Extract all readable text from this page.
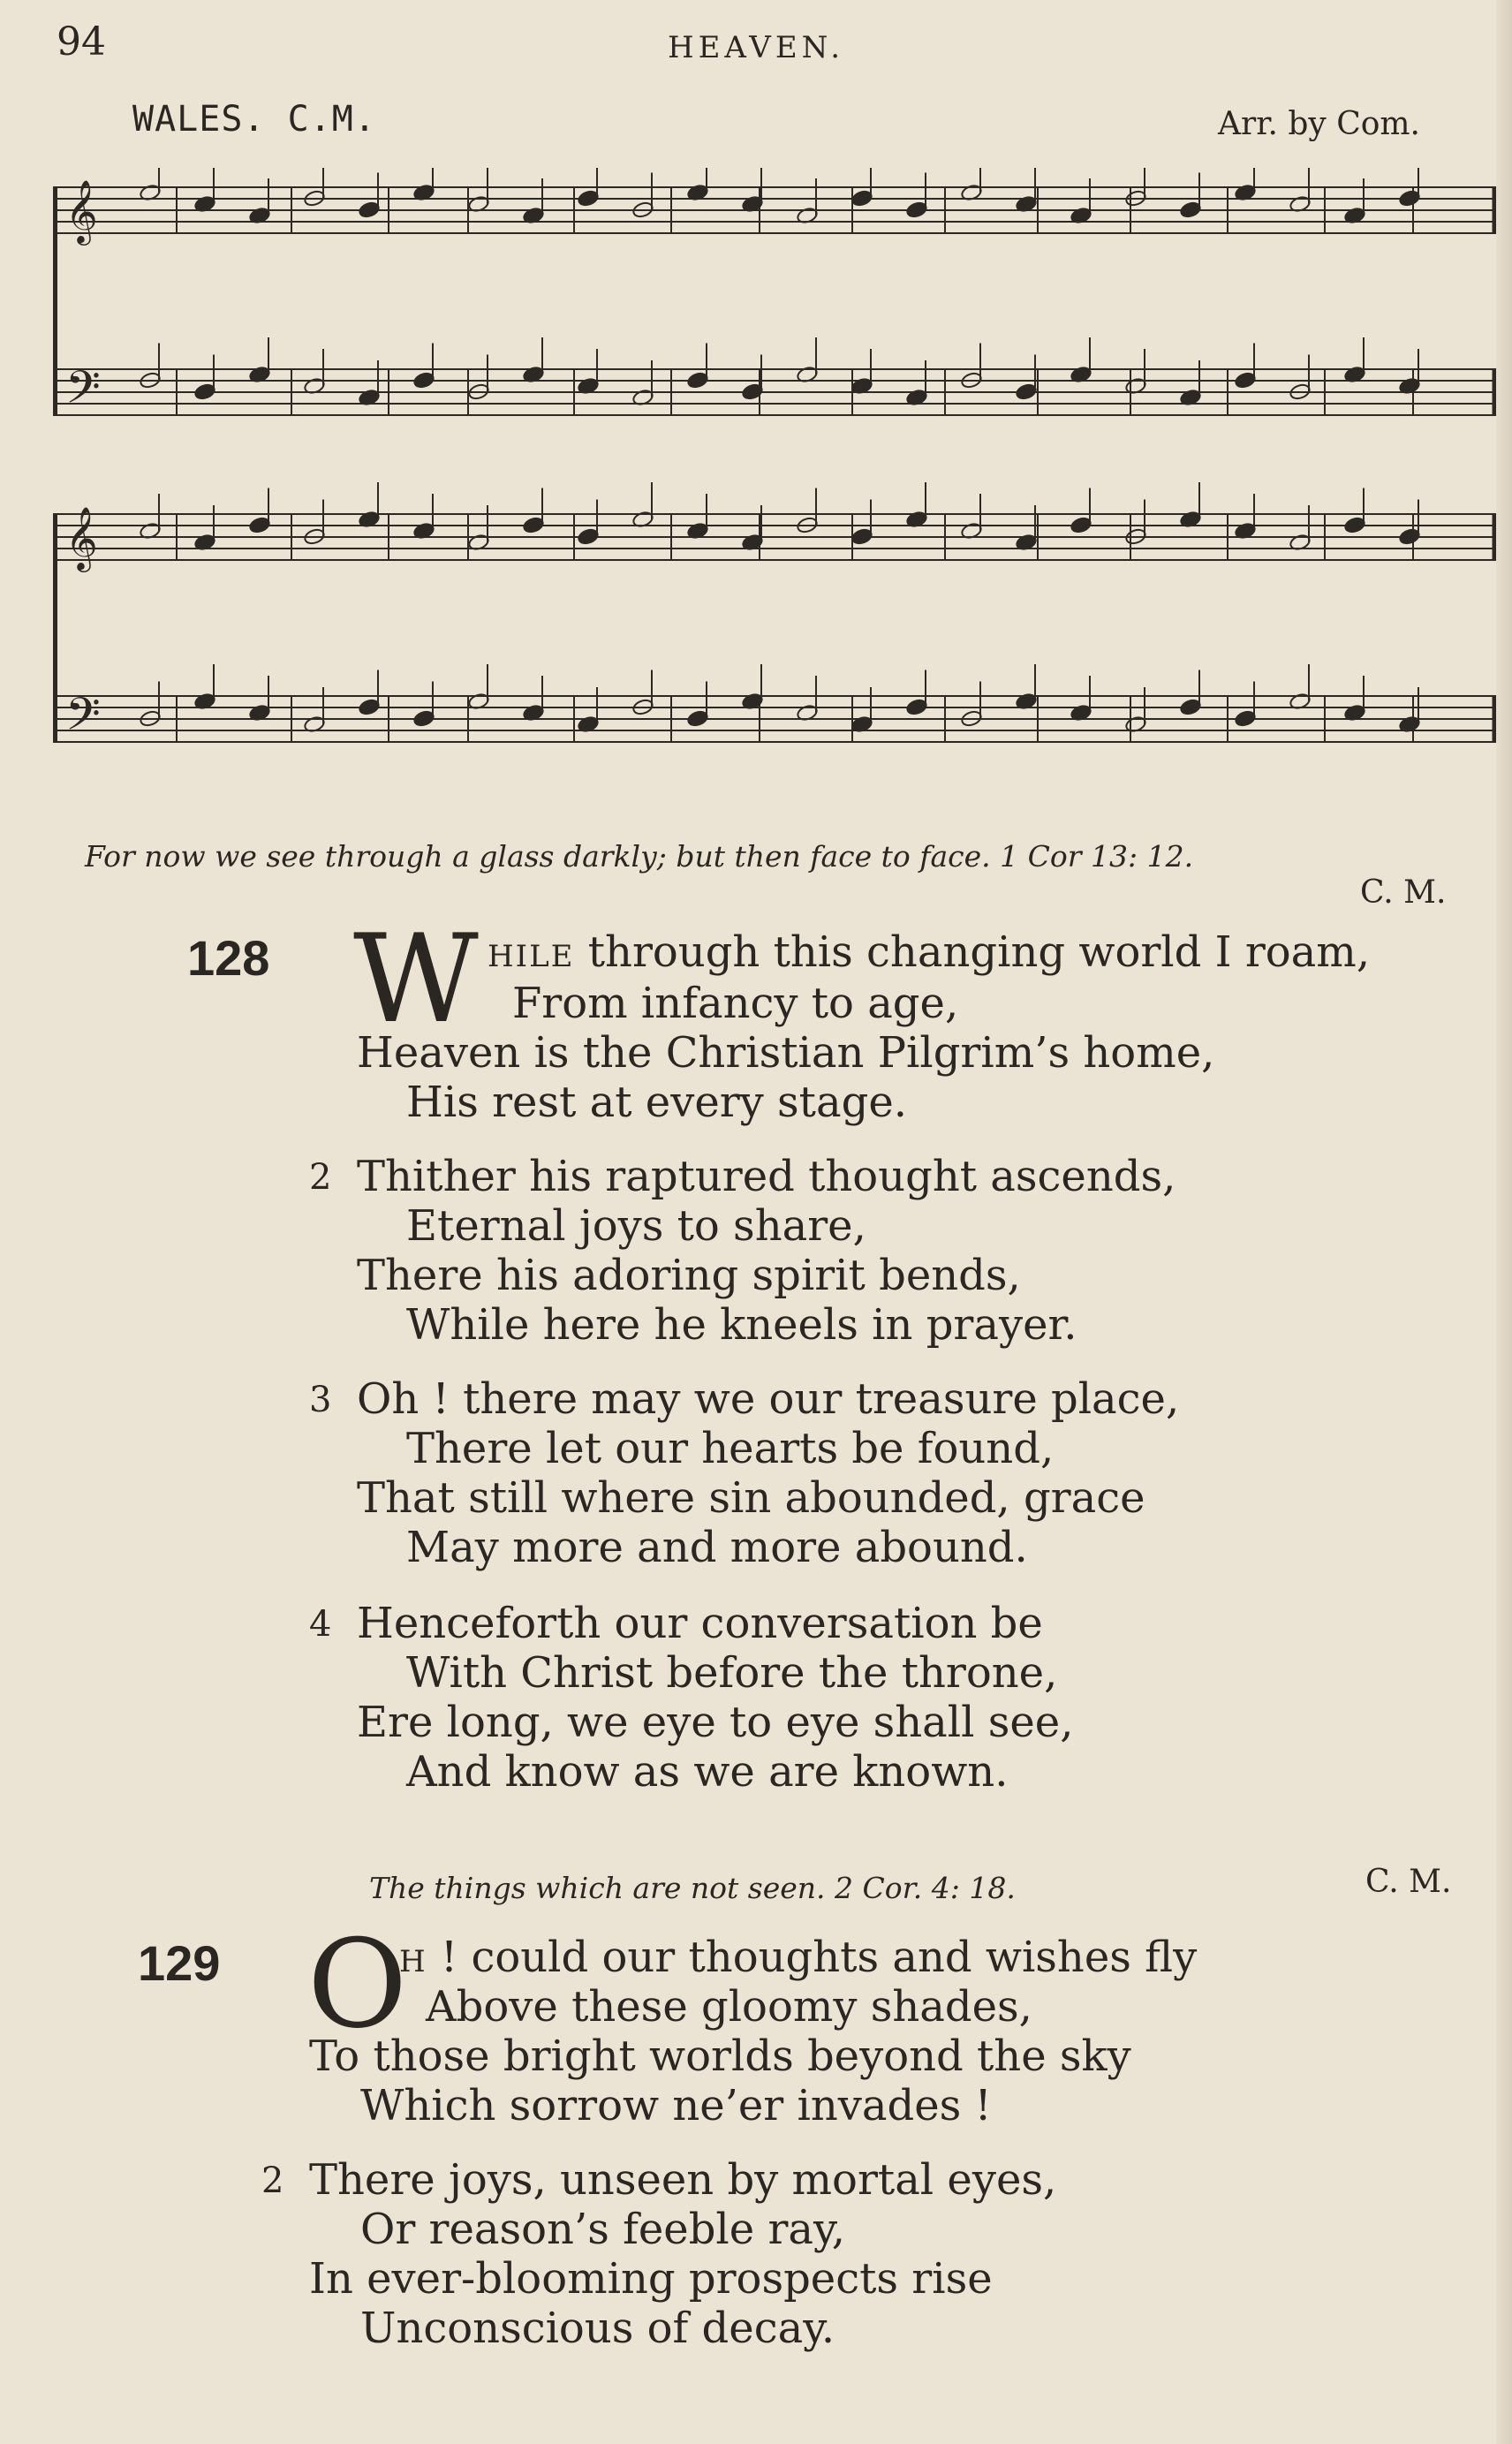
94	HEAVEN.
WALES. C.M.	Arr. by Com.
𝄞
𝄢
𝄞
𝄢
For now we see through a glass darkly; but then face to face. 1 Cor 13: 12.
C. M.
128 W HILE through this changing world I roam,
From infancy to age,
Heaven is the Christian Pilgrim’s home,
His rest at every stage.
2 Thither his raptured thought ascends,
Eternal joys to share,
There his adoring spirit bends,
While here he kneels in prayer.
3 Oh ! there may we our treasure place,
There let our hearts be found,
That still where sin abounded, grace
May more and more abound.
4 Henceforth our conversation be
With Christ before the throne,
Ere long, we eye to eye shall see,
And know as we are known.
The things which are not seen. 2 Cor. 4: 18.	C. M.
129 O
H ! could our thoughts and wishes fly
Above these gloomy shades,
To those bright worlds beyond the sky
Which sorrow ne’er invades !
2 There joys, unseen by mortal eyes,
Or reason’s feeble ray,
In ever-blooming prospects rise
Unconscious of decay.
